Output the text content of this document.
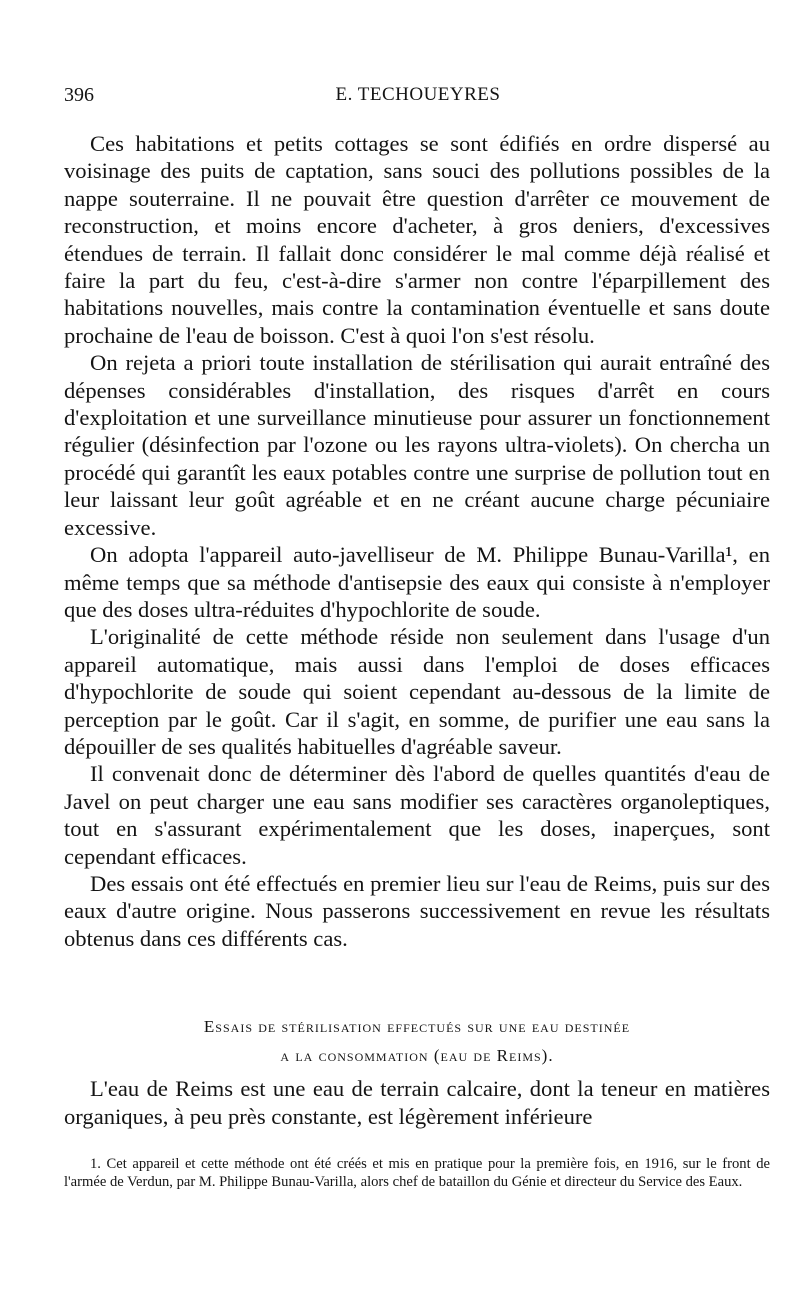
396	E. TECHOUEYRES

Ces habitations et petits cottages se sont édifiés en ordre dispersé au voisinage des puits de captation, sans souci des pollutions possibles de la nappe souterraine. Il ne pouvait être question d'arrêter ce mouvement de reconstruction, et moins encore d'acheter, à gros deniers, d'excessives étendues de terrain. Il fallait donc considérer le mal comme déjà réalisé et faire la part du feu, c'est-à-dire s'armer non contre l'éparpillement des habitations nouvelles, mais contre la contamination éventuelle et sans doute prochaine de l'eau de boisson. C'est à quoi l'on s'est résolu.

On rejeta a priori toute installation de stérilisation qui aurait entraîné des dépenses considérables d'installation, des risques d'arrêt en cours d'exploitation et une surveillance minutieuse pour assurer un fonctionnement régulier (désinfection par l'ozone ou les rayons ultra-violets). On chercha un procédé qui garantît les eaux potables contre une surprise de pollution tout en leur laissant leur goût agréable et en ne créant aucune charge pécuniaire excessive.

On adopta l'appareil auto-javelliseur de M. Philippe Bunau-Varilla¹, en même temps que sa méthode d'antisepsie des eaux qui consiste à n'employer que des doses ultra-réduites d'hypochlorite de soude.

L'originalité de cette méthode réside non seulement dans l'usage d'un appareil automatique, mais aussi dans l'emploi de doses efficaces d'hypochlorite de soude qui soient cependant au-dessous de la limite de perception par le goût. Car il s'agit, en somme, de purifier une eau sans la dépouiller de ses qualités habituelles d'agréable saveur.

Il convenait donc de déterminer dès l'abord de quelles quantités d'eau de Javel on peut charger une eau sans modifier ses caractères organoleptiques, tout en s'assurant expérimentalement que les doses, inaperçues, sont cependant efficaces.

Des essais ont été effectués en premier lieu sur l'eau de Reims, puis sur des eaux d'autre origine. Nous passerons successivement en revue les résultats obtenus dans ces différents cas.

Essais de stérilisation effectués sur une eau destinée
a la consommation (eau de Reims).

L'eau de Reims est une eau de terrain calcaire, dont la teneur en matières organiques, à peu près constante, est légèrement inférieure

1. Cet appareil et cette méthode ont été créés et mis en pratique pour la première fois, en 1916, sur le front de l'armée de Verdun, par M. Philippe Bunau-Varilla, alors chef de bataillon du Génie et directeur du Service des Eaux.
